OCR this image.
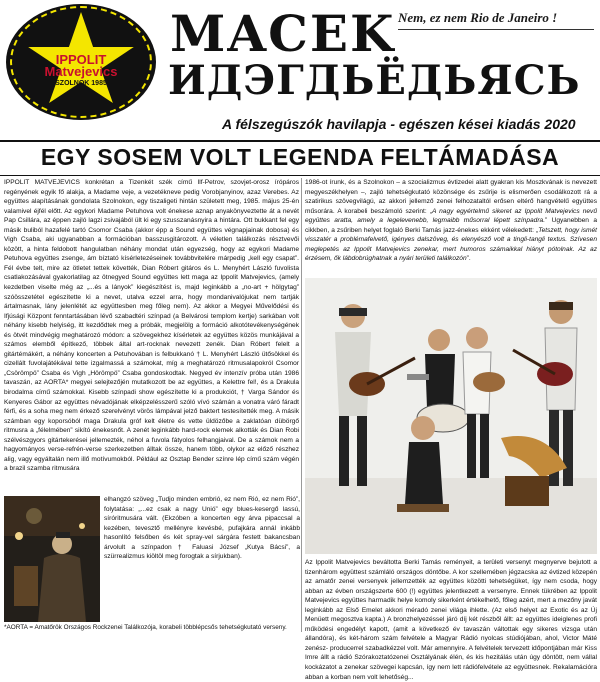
IPPOLIT
Matvejevics
SZOLNOK 1985
MACEK
ИДЭГДЬЁДЬЯСЬ
Nem, ez nem Rio de Janeiro !
A félszegúszók havilapja - egészen kései kiadás 2020
EGY SOSEM VOLT LEGENDA FELTÁMADÁSA
IPPOLIT MATVEJEVICS konkrétan a Tizenkét szék című Ilf-Petrov, szovjet-orosz írópáros regényének egyik fő alakja, a Madame veje, a vezetékneve pedig Vorobjanyinov, azaz Verebes. Az együttes alapításának gondolata Szolnokon, egy tiszaligeti hintán született meg, 1985. május 25-én valamivel éjfél előtt. Az egykori Madame Petuhova volt énekese aznap anyakönyveztette át a nevét Pap Csillára, az éppen zajló lagzi zsivajából ült ki egy szusszanásnyira a hintára. Ott bukkant fel egy másik buliból hazafelé tartó Csomor Csaba (akkor épp a Sound együttes végnapjainak dobosa) és Vigh Csaba, aki ugyanabban a formációban basszusgitározott. A véletlen találkozás résztvevői között, a hinta feldobott hangulatban néhány mondat után egyezség, hogy az egykori Madame Petuhova együttes zsenge, ám bíztató kísérletezéseinek továbbvitelére márpedig „kell egy csapat”. Fél évbe telt, mire az ötletet tettek követték, Dian Róbert gitáros és L. Menyhért László fuvolista csatlakozásával gyakorlatilag az ötnegyed Sound együttes lett maga az Ippolit Matvejevics, (amely kezdetben viselte még az „...és a lányok” kiegészítést is, majd leginkább a „no-art + hölgytag” szóösszetétel egészítette ki a nevet, utalva ezzel arra, hogy mondanivalójukat nem tartják ártalmasnak, lány jelenlétét az együttesben meg főleg nem). Az akkor a Megyei Művelődési és Ifjúsági Központ fenntartásában lévő szabadtéri színpad (a Belvárosi templom kertje) sarkában volt néhány kisebb helyiség, itt kezdődtek meg a próbák, megjelölg a formáció alkotótevékenységének és ötvét mindvégig meghatározó módon: a szövegekhez kísérletek az együttes közös munkájával a számos elemből építkező, többek által art-rocknak nevezett zenék. Dian Róbert felelt a gitártémákért, a néhány koncerten a Petuhovában is felbukkanó † L. Menyhért László ütősökkel és cizellált fuvolajátékával tette izgalmassá a számokat, míg a meghatározó ritmusalapokról Csomor „Csörömpö” Csaba és Vigh „Hörömpö” Csaba gondoskodtak. Negyed év intenzív próba után 1986 tavaszán, az AORTA* megyei selejtezőjén mutatkozott be az együttes, a Kelettre fel!, és a Drakula birodalma című számokkal. Kisebb színpadi show egészítette ki a produkciót, † Varga Sándor és Kenyeres Gábor az együttes névadójának elképzelésszerű szóló vívó számán a vonatra váró fáradt férfi, és a soha meg nem érkező szerelvényt vörös lámpával jelző baktert testesítették meg. A másik számban egy koporsóból maga Drakula gróf kelt életre és vette üldözőbe a zaklatóan dübörgő ritmusra a „félelmében” sikító énekesnőt. A zenét leginkább hard-rock elemek alkották és Dian Robi szélvészgyors gitártekerései jellemezték, néhol a fuvola fátyolos felhangjaival. De a számok nem a hagyományos verse-refrén-verse szerkezetben álltak össze, hanem több, olykor az előző részhez alig, vagy egyáltalán nem illő motívumokból. Például az Osztap Bender színre lép című szám végén a brazil szamba ritmusára
elhangzó szöveg „Tudjo minden embrió, ez nem Rió, ez nem Rió”, folytatása: „...ez csak a nagy Unió” egy blues-kesergő lassú, síróritmusára vált. (Ekzóben a koncerten egy árva pipaccsal a kezében, tevesztő mellényre kevésbé, pufajkára annál inkább hasonlító felsőben és két spray-vel sárgára festett bakancsban árvolult a színpadon † Faluasi József „Kutya Bácsi”, a szürrealizmus kiöltöl meg forogtak a sírjukban).
*AORTA = Amatőrök Országos Rockzenei Találkozója, korabeli többlépcsős tehetségkutató verseny.
1986-ot írunk, és a Szolnokon – a szocializmus évtizedei alatt gyakran kis Moszkvának is nevezett megyeszékhelyen –, zajló tehetségkutató közönsége és zsűrije is elismerően csodálkozott rá a szatirikus szövegvilágú, az akkori jellemző zenei felhozataltól erősen eltérő hangvételű együttes műsorára. A korabeli beszámoló szerint: „A nagy egyértelmű sikeret az Ippolit Matvejevics nevű együttes aratta, amely a legelevenebb, legmaibb műsorral lépett színpadra.” Ugyanebben a cikkben, a zsűriben helyet foglaló Berki Tamás jazz-énekes ekként vélekedett: „Tetszett, hogy ismét visszatér a problémafelvető, igényes dalszöveg, és elenyésző volt a tingli-tangli textus. Szívesen meglepetés az Ippolit Matvejevics zenekar, mert humoros számaikkal hiányt pótolnak. Az az érzésem, ők lábdobrúghatnak a nyári területi találkozón”.
Az Ippolit Matvejevics beváltotta Berki Tamás reményeit, a területi versenyt megnyerve bejutott a tizenhárom együttest számláló országos döntőbe. A kor szellemében jégzacska az évtized közepén az amatőr zenei versenyek jellemzették az együttes közötti tehetségüket, így nem csoda, hogy abban az évben országszerte 600 (!) együttes jelentkezett a versenyre. Ennek tükrében az Ippolit Matvejevics együttes harmadik helye komoly sikerként értékelhető, főleg azért, mert a mezőny javát leginkább az Első Emelet akkori méradó zenei világa ihlette. (Az első helyet az Exotic és az Új Menüett megosztva kapta.) A bronzhelyezéssel járó díj két részből állt: az együttes ideiglenes profi működési engedélyt kapott, (amit a következő év tavaszán váltottak egy sikeres vizsga után állandóra), és két-három szám felvétele a Magyar Rádió nyolcas stúdiójában, ahol, Victor Máté zenész- producerrel szabadkézzel volt. Már amennyire. A felvételek tervezett időpontjában már Kiss Imre állt a rádió Szórakoztatózenei Osztályának élén, és kis hezitálás után úgy döntött, nem vállal kockázatot a zenekar szövegei kapcsán, így nem lett rádiófelvétele az együttesnek. Rekalamációra abban a korban nem volt lehetőség...
